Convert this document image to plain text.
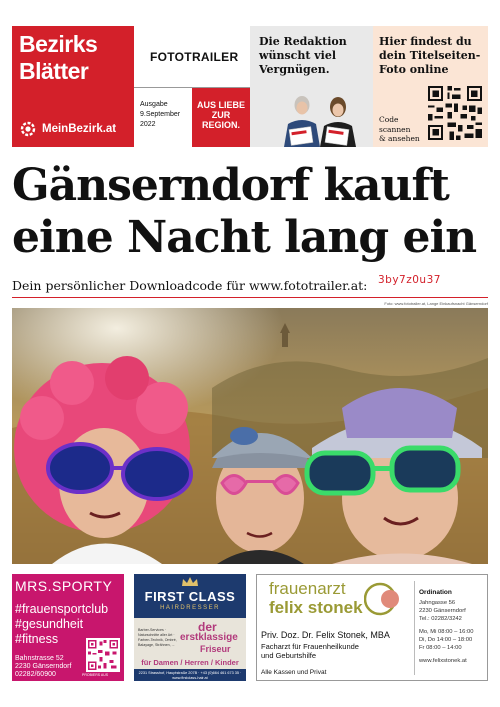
Bezirks
Blätter
MeinBezirk.at
FOTOTRAILER
Ausgabe
9.September
2022
AUS LIEBE
ZUR
REGION.
Die Redaktion
wünscht viel
Vergnügen.
Hier findest du
dein Titelseiten-
Foto online
Code
scannen
& ansehen
Gänserndorf kauft
eine Nacht lang ein
Dein persönlicher Downloadcode für www.fototrailer.at: 3by7z0u37
Foto: www.fototrailer.at, Lange Einkaufsnacht Gänserndorf
MRS.SPORTY
#frauensportclub
#gesundheit
#fitness
Bahnstrasse 52
2230 Gänserndorf
02282/60900	PROBIERS AUS
FIRST CLASS
HAIRDRESSER
Barber-Services · Naturschnitte aller Art · Farben-Technik, Ombré, Balayage, Strähnen, ...
der
erstklassige
Friseur
für Damen / Herren / Kinder
2231 Strasshof, Hauptstraße 207B · +43 (0)664 461 673 35 · www.firstclass-hair.at
frauenarzt
felix stonek
Priv. Doz. Dr. Felix Stonek, MBA
Facharzt für Frauenheilkunde
und Geburtshilfe
Alle Kassen und Privat
Ordination
Jahngasse 56
2230 Gänserndorf
Tel.: 02282/3242
Mo, Mi 08:00 – 16:00
Di, Do 14:00 – 18:00
Fr 08:00 – 14:00
www.felixstonek.at
